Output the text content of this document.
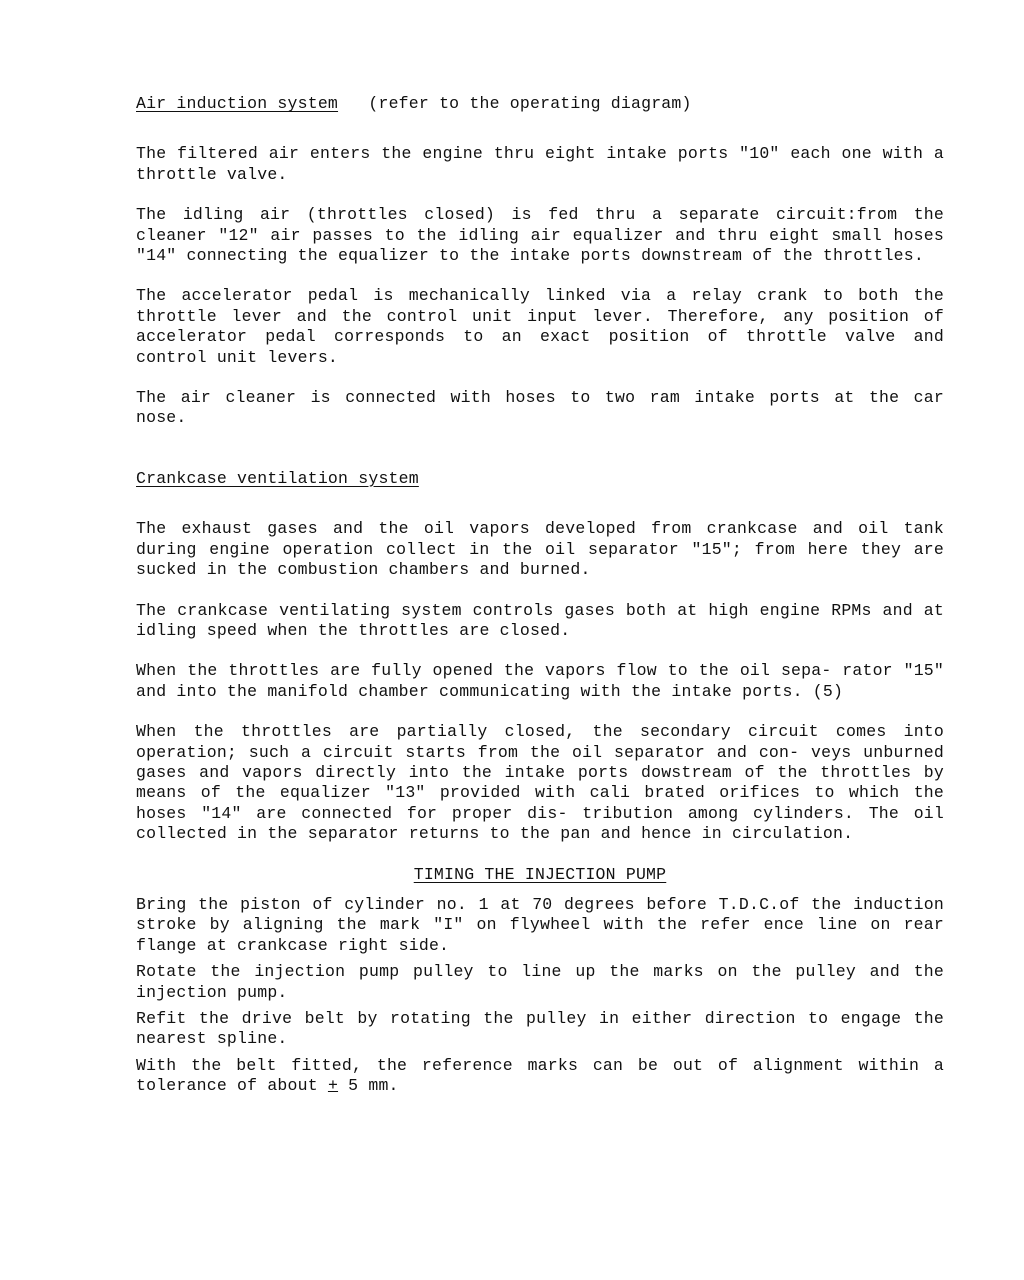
Air induction system (refer to the operating diagram)

The filtered air enters the engine thru eight intake ports "10" each one with a throttle valve.

The idling air (throttles closed) is fed thru a separate circuit:from the cleaner "12" air passes to the idling air equalizer and thru eight small hoses "14" connecting the equalizer to the intake ports downstream of the throttles.

The accelerator pedal is mechanically linked via a relay crank to both the throttle lever and the control unit input lever. Therefore, any position of accelerator pedal corresponds to an exact position of throttle valve and control unit levers.

The air cleaner is connected with hoses to two ram intake ports at the car nose.

Crankcase ventilation system

The exhaust gases and the oil vapors developed from crankcase and oil tank during engine operation collect in the oil separator "15"; from here they are sucked in the combustion chambers and burned.

The crankcase ventilating system controls gases both at high engine RPMs and at idling speed when the throttles are closed.

When the throttles are fully opened the vapors flow to the oil sepa- rator "15" and into the manifold chamber communicating with the intake ports. (5)

When the throttles are partially closed, the secondary circuit comes into operation; such a circuit starts from the oil separator and con- veys unburned gases and vapors directly into the intake ports dowstream of the throttles by means of the equalizer "13" provided with cali brated orifices to which the hoses "14" are connected for proper dis- tribution among cylinders. The oil collected in the separator returns to the pan and hence in circulation.

TIMING THE INJECTION PUMP

Bring the piston of cylinder no. 1 at 70 degrees before T.D.C.of the induction stroke by aligning the mark "I" on flywheel with the refer ence line on rear flange at crankcase right side.

Rotate the injection pump pulley to line up the marks on the pulley and the injection pump.

Refit the drive belt by rotating the pulley in either direction to engage the nearest spline.

With the belt fitted, the reference marks can be out of alignment within a tolerance of about + 5 mm.
